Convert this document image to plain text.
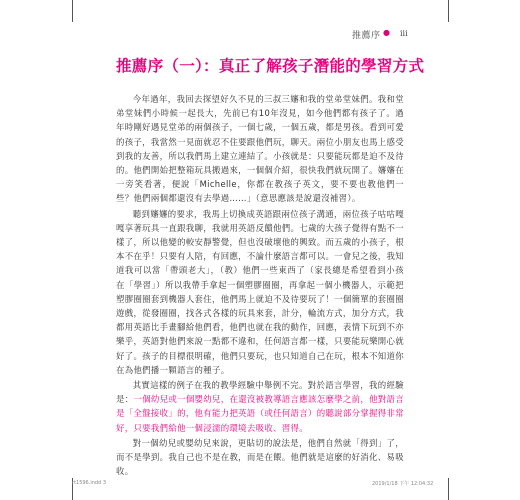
推薦序 ● iii
推薦序（一）：真正了解孩子潛能的學習方式

今年過年，我回去探望好久不見的三叔三嬸和我的堂弟堂妹們。我和堂弟堂妹們小時候一起長大，先前已有10年沒見，如今他們都有孩子了。過年時剛好遇見堂弟的兩個孩子，一個七歲，一個五歲，都是男孩。看到可愛的孩子，我當然一見面就忍不住要跟他們玩，聊天。兩位小朋友也馬上感受到我的友善，所以我們馬上建立連結了。小孩就是：只要能玩都是迫不及待的。他們開始把整箱玩具搬過來，一個個介紹，很快我們就玩開了。嬸嬸在一旁笑看著，便說「Michelle，你都在教孩子英文，要不要也教他們一些？他們兩個都還沒有去學過……」（意思應該是說還沒補習）。

聽到嬸嬸的要求，我馬上切換成英語跟兩位孩子溝通，兩位孩子咕咕嘎嘎享著玩具一直跟我聊，我就用英語反饋他們。七歲的大孩子覺得有點不一樣了，所以他變的較安靜警覺，但也沒破壞他的興致。而五歲的小孩子，根本不在乎！只要有人陪，有回應，不論什麼語言都可以。一會兒之後，我知道我可以當「帶頭老大」，（教）他們一些東西了（家長總是希望看到小孩在「學習」）所以我帶手拿起一個塑膠圈圈，再拿起一個小機器人，示範把塑膠圈圈套到機器人套住，他們馬上就迫不及待要玩了！一個簡單的套圈圈遊戲，從發圈圈，找各式各樣的玩具來套，計分，輪流方式，加分方式，我都用英語比手畫腳給他們看，他們也就在我的動作，回應，表情下玩到不亦樂乎，英語對他們來說一點都不違和，任何語言都一樣，只要能玩樂開心就好了。孩子的目標很明確，他們只要玩，也只知道自己在玩，根本不知道你在為他們播一顆語言的種子。

其實這樣的例子在我的教學經驗中舉例不完。對於語言學習，我的經驗是：一個幼兒或一個嬰幼兒，在還沒被教導語言應該怎麼學之前，他對語言是「全盤接收」的，他有能力把英語（或任何語言）的聽說部分掌握得非常好，只要我們給他一個浸濡的環境去吸收、習得。

對一個幼兒或嬰幼兒來說，更貼切的說法是，他們自然就「得到」了，而不是學到。我自己也不是在教，而是在餵。他們就是這麼的好消化、易吸收。

rt1596.indd 3	2019/1/18 下午 12:04:32
